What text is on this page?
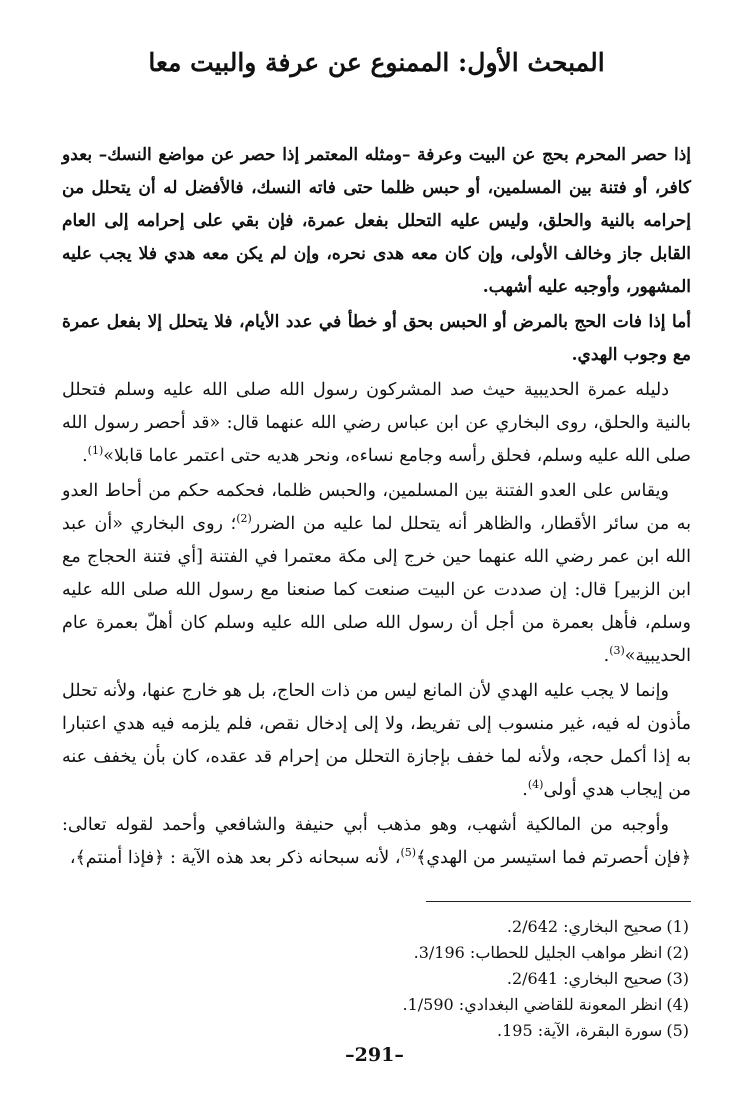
المبحث الأول: الممنوع عن عرفة والبيت معا

إذا حصر المحرم بحج عن البيت وعرفة –ومثله المعتمر إذا حصر عن مواضع النسك– بعدو كافر، أو فتنة بين المسلمين، أو حبس ظلما حتى فاته النسك، فالأفضل له أن يتحلل من إحرامه بالنية والحلق، وليس عليه التحلل بفعل عمرة، فإن بقي على إحرامه إلى العام القابل جاز وخالف الأولى، وإن كان معه هدى نحره، وإن لم يكن معه هدي فلا يجب عليه المشهور، وأوجبه عليه أشهب.

أما إذا فات الحج بالمرض أو الحبس بحق أو خطأ في عدد الأيام، فلا يتحلل إلا بفعل عمرة مع وجوب الهدي.

دليله عمرة الحديبية حيث صد المشركون رسول الله صلى الله عليه وسلم فتحلل بالنية والحلق، روى البخاري عن ابن عباس رضي الله عنهما قال: «قد أحصر رسول الله صلى الله عليه وسلم، فحلق رأسه وجامع نساءه، ونحر هديه حتى اعتمر عاما قابلا»$^{(1)}$.

ويقاس على العدو الفتنة بين المسلمين، والحبس ظلما، فحكمه حكم من أحاط العدو به من سائر الأقطار، والظاهر أنه يتحلل لما عليه من الضرر$^{(2)}$؛ روى البخاري «أن عبد الله ابن عمر رضي الله عنهما حين خرج إلى مكة معتمرا في الفتنة [أي فتنة الحجاج مع ابن الزبير] قال: إن صددت عن البيت صنعت كما صنعنا مع رسول الله صلى الله عليه وسلم، فأهل بعمرة من أجل أن رسول الله صلى الله عليه وسلم كان أهلّ بعمرة عام الحديبية»$^{(3)}$.

وإنما لا يجب عليه الهدي لأن المانع ليس من ذات الحاج، بل هو خارج عنها، ولأنه تحلل مأذون له فيه، غير منسوب إلى تفريط، ولا إلى إدخال نقص، فلم يلزمه فيه هدي اعتبارا به إذا أكمل حجه، ولأنه لما خفف بإجازة التحلل من إحرام قد عقده، كان بأن يخفف عنه من إيجاب هدي أولى$^{(4)}$.

وأوجبه من المالكية أشهب، وهو مذهب أبي حنيفة والشافعي وأحمد لقوله تعالى: ﴿فإن أحصرتم فما استيسر من الهدي﴾$^{(5)}$، لأنه سبحانه ذكر بعد هذه الآية : ﴿فإذا أمنتم﴾،

(1)صحيح البخاري: 2/642.
(2)انظر مواهب الجليل للحطاب: 3/196.
(3)صحيح البخاري: 2/641.
(4)انظر المعونة للقاضي البغدادي: 1/590.
(5)سورة البقرة، الآية: 195.
–291–
